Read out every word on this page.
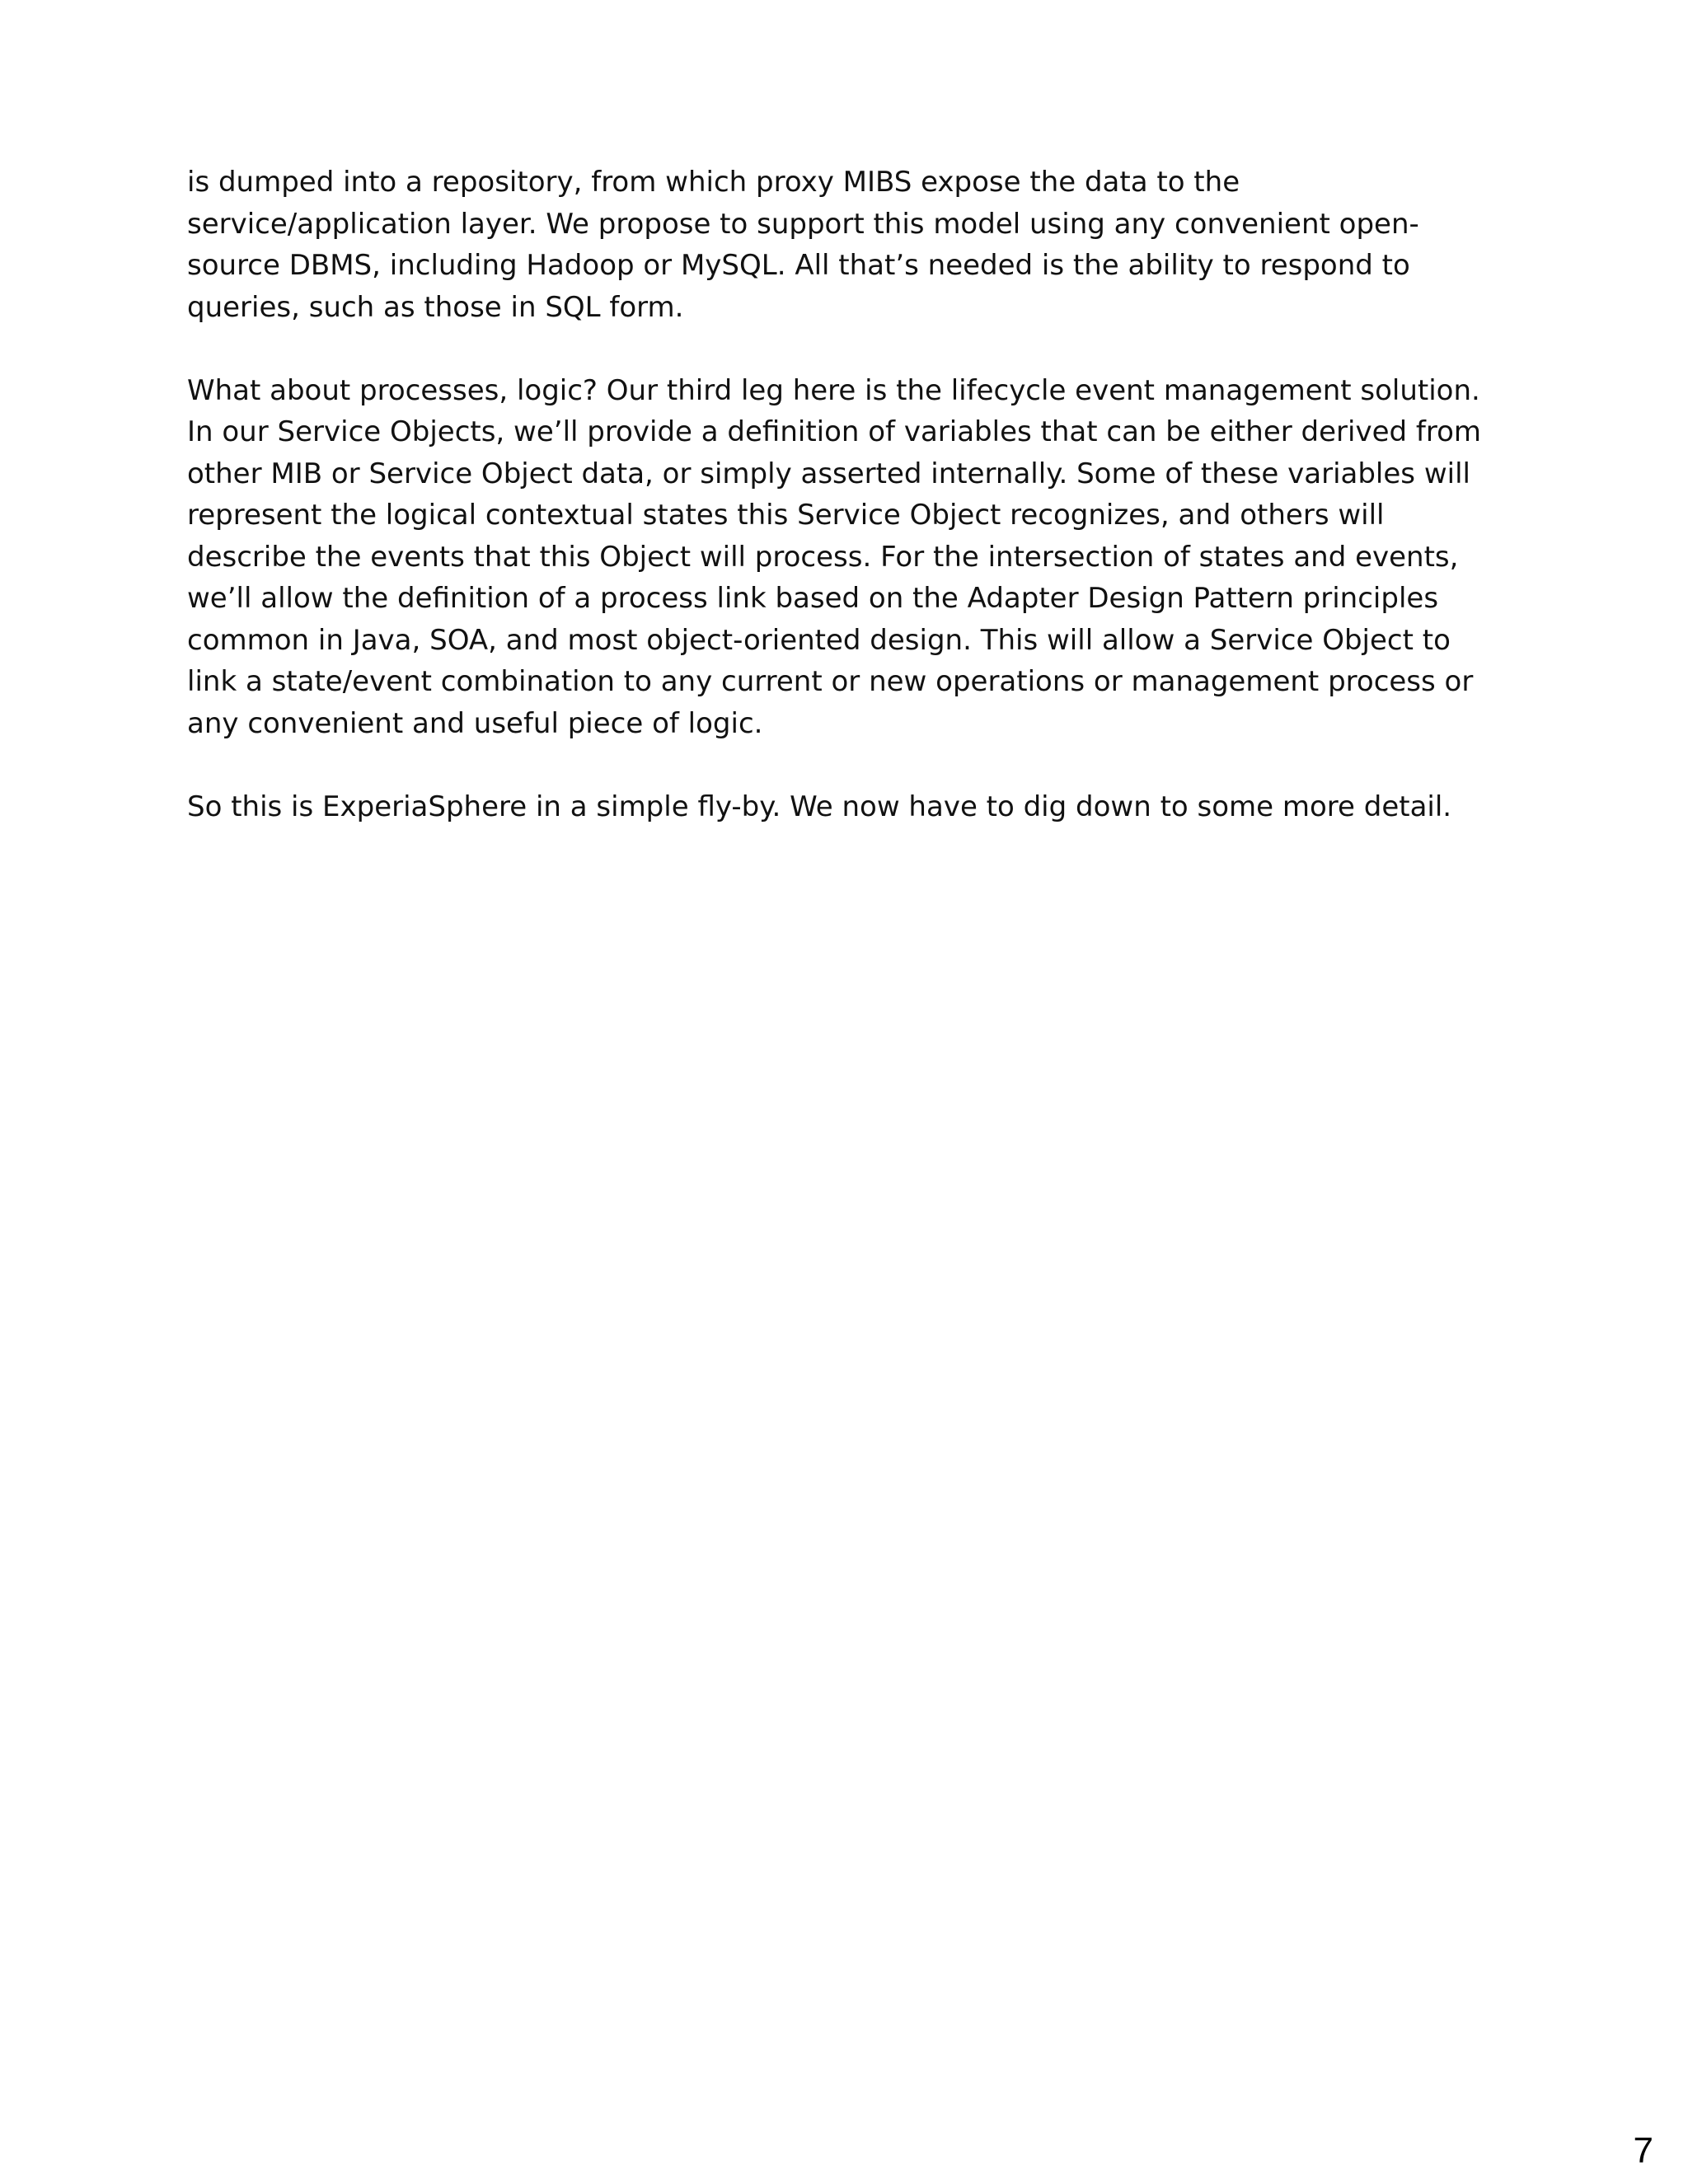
is dumped into a repository, from which proxy MIBS expose the data to the
service/application layer. We propose to support this model using any convenient open-
source DBMS, including Hadoop or MySQL. All that’s needed is the ability to respond to
queries, such as those in SQL form.

What about processes, logic? Our third leg here is the lifecycle event management solution.
In our Service Objects, we’ll provide a definition of variables that can be either derived from
other MIB or Service Object data, or simply asserted internally. Some of these variables will
represent the logical contextual states this Service Object recognizes, and others will
describe the events that this Object will process. For the intersection of states and events,
we’ll allow the definition of a process link based on the Adapter Design Pattern principles
common in Java, SOA, and most object-oriented design. This will allow a Service Object to
link a state/event combination to any current or new operations or management process or
any convenient and useful piece of logic.

So this is ExperiaSphere in a simple fly-by. We now have to dig down to some more detail.

7
